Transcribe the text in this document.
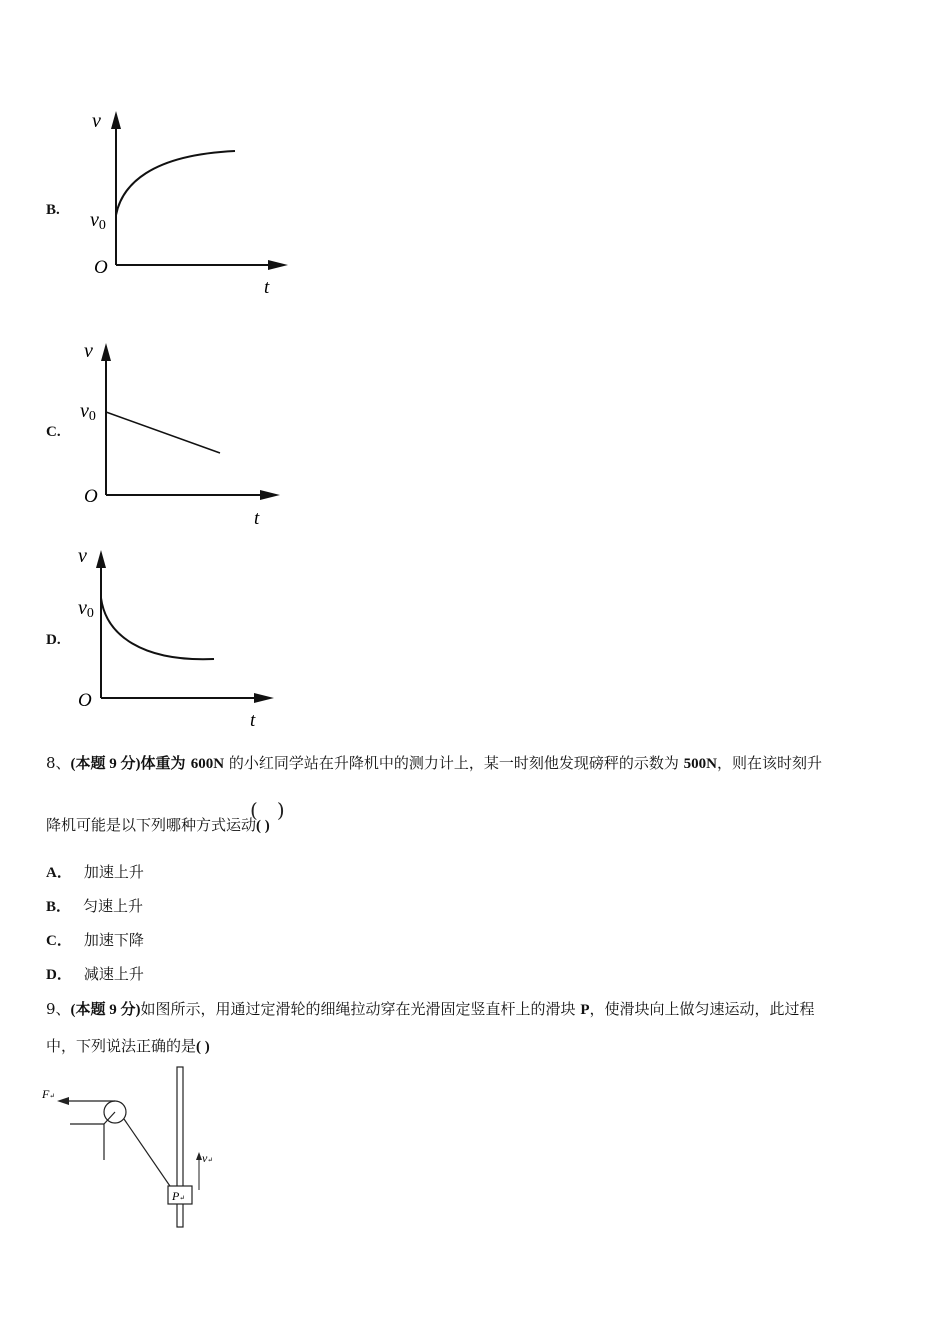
B.
v
v0
O
t
C.
v
v0
O
t
D.
v
v0
O
t
8、(本题 9 分)体重为 600N 的小红同学站在升降机中的测力计上，某一时刻他发现磅秤的示数为 500N，则在该时刻升
降机可能是以下列哪种方式运动( )
(   )
A． 加速上升
B． 匀速上升
C． 加速下降
D． 减速上升
9、(本题 9 分)如图所示，用通过定滑轮的细绳拉动穿在光滑固定竖直杆上的滑块 P，使滑块向上做匀速运动，此过程
中，下列说法正确的是( )
P↵
v↵
F↵
